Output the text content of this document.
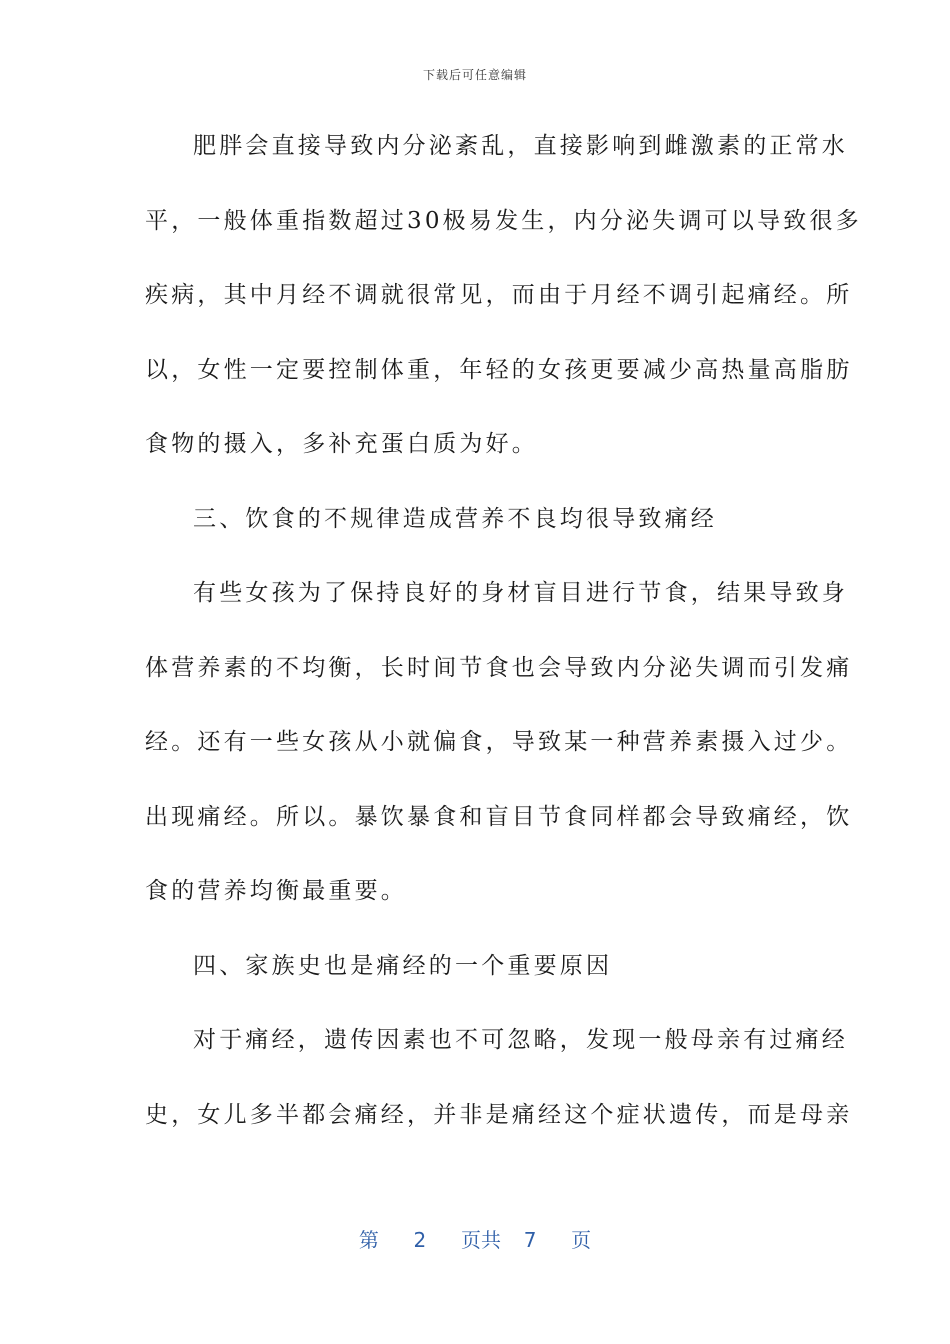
下载后可任意编辑
肥胖会直接导致内分泌紊乱，直接影响到雌激素的正常水
平，一般体重指数超过30极易发生，内分泌失调可以导致很多
疾病，其中月经不调就很常见，而由于月经不调引起痛经。所
以，女性一定要控制体重，年轻的女孩更要减少高热量高脂肪
食物的摄入，多补充蛋白质为好。
三、饮食的不规律造成营养不良均很导致痛经
有些女孩为了保持良好的身材盲目进行节食，结果导致身
体营养素的不均衡，长时间节食也会导致内分泌失调而引发痛
经。还有一些女孩从小就偏食，导致某一种营养素摄入过少。
出现痛经。所以。暴饮暴食和盲目节食同样都会导致痛经，饮
食的营养均衡最重要。
四、家族史也是痛经的一个重要原因
对于痛经，遗传因素也不可忽略，发现一般母亲有过痛经
史，女儿多半都会痛经，并非是痛经这个症状遗传，而是母亲
第 2 页共 7 页
